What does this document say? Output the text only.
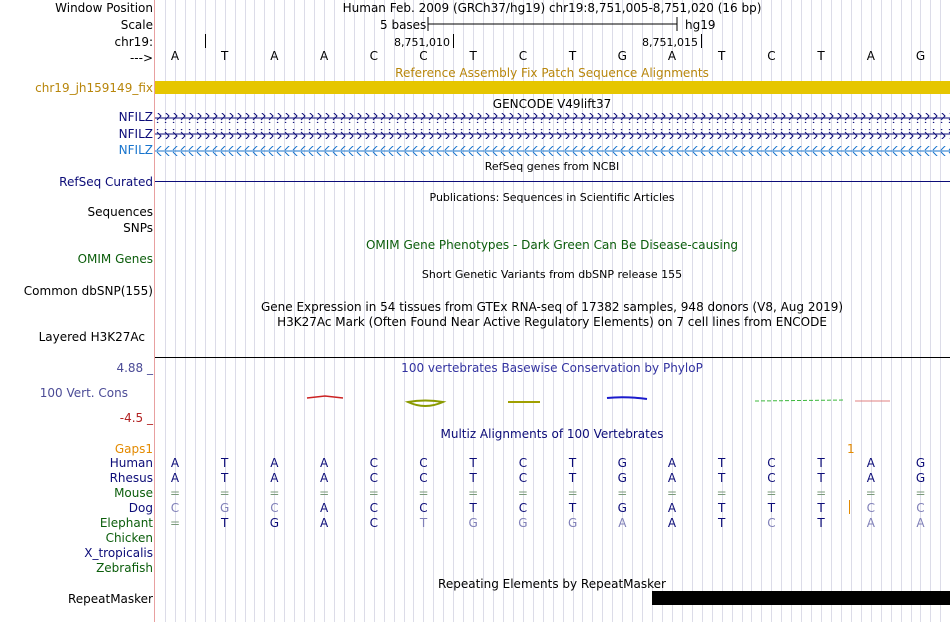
Window Position
Scale
chr19:
--->
chr19_jh159149_fix
NFILZ
NFILZ
NFILZ
RefSeq Curated
Sequences
SNPs
OMIM Genes
Common dbSNP(155)
Layered H3K27Ac
4.88 _
100 Vert. Cons
-4.5 _
Gaps1
Human
Rhesus
Mouse
Dog
Elephant
Chicken
X_tropicalis
Zebrafish
RepeatMasker
Human Feb. 2009 (GRCh37/hg19) chr19:8,751,005-8,751,020 (16 bp)
5 bases	hg19
8,751,010	8,751,015
A	T	A	A	C	C	T	C	T	G	A	T	C	T	A	G
Reference Assembly Fix Patch Sequence Alignments
GENCODE V49lift37
RefSeq genes from NCBI
Publications: Sequences in Scientific Articles
OMIM Gene Phenotypes - Dark Green Can Be Disease-causing
Short Genetic Variants from dbSNP release 155
Gene Expression in 54 tissues from GTEx RNA-seq of 17382 samples, 948 donors (V8, Aug 2019)
H3K27Ac Mark (Often Found Near Active Regulatory Elements) on 7 cell lines from ENCODE
100 vertebrates Basewise Conservation by PhyloP
Multiz Alignments of 100 Vertebrates
1
A	T	A	A	C	C	T	C	T	G	A	T	C	T	A	G
A	T	A	A	C	C	T	C	T	G	A	T	C	T	A	G
=	=	=	=	=	=	=	=	=	=	=	=	=	=	=	=
C	G	C	A	C	C	T	C	T	G	A	T	T	T	C	C
=	T	G	A	C	T	G	G	G	A	A	T	C	T	A	A
Repeating Elements by RepeatMasker
